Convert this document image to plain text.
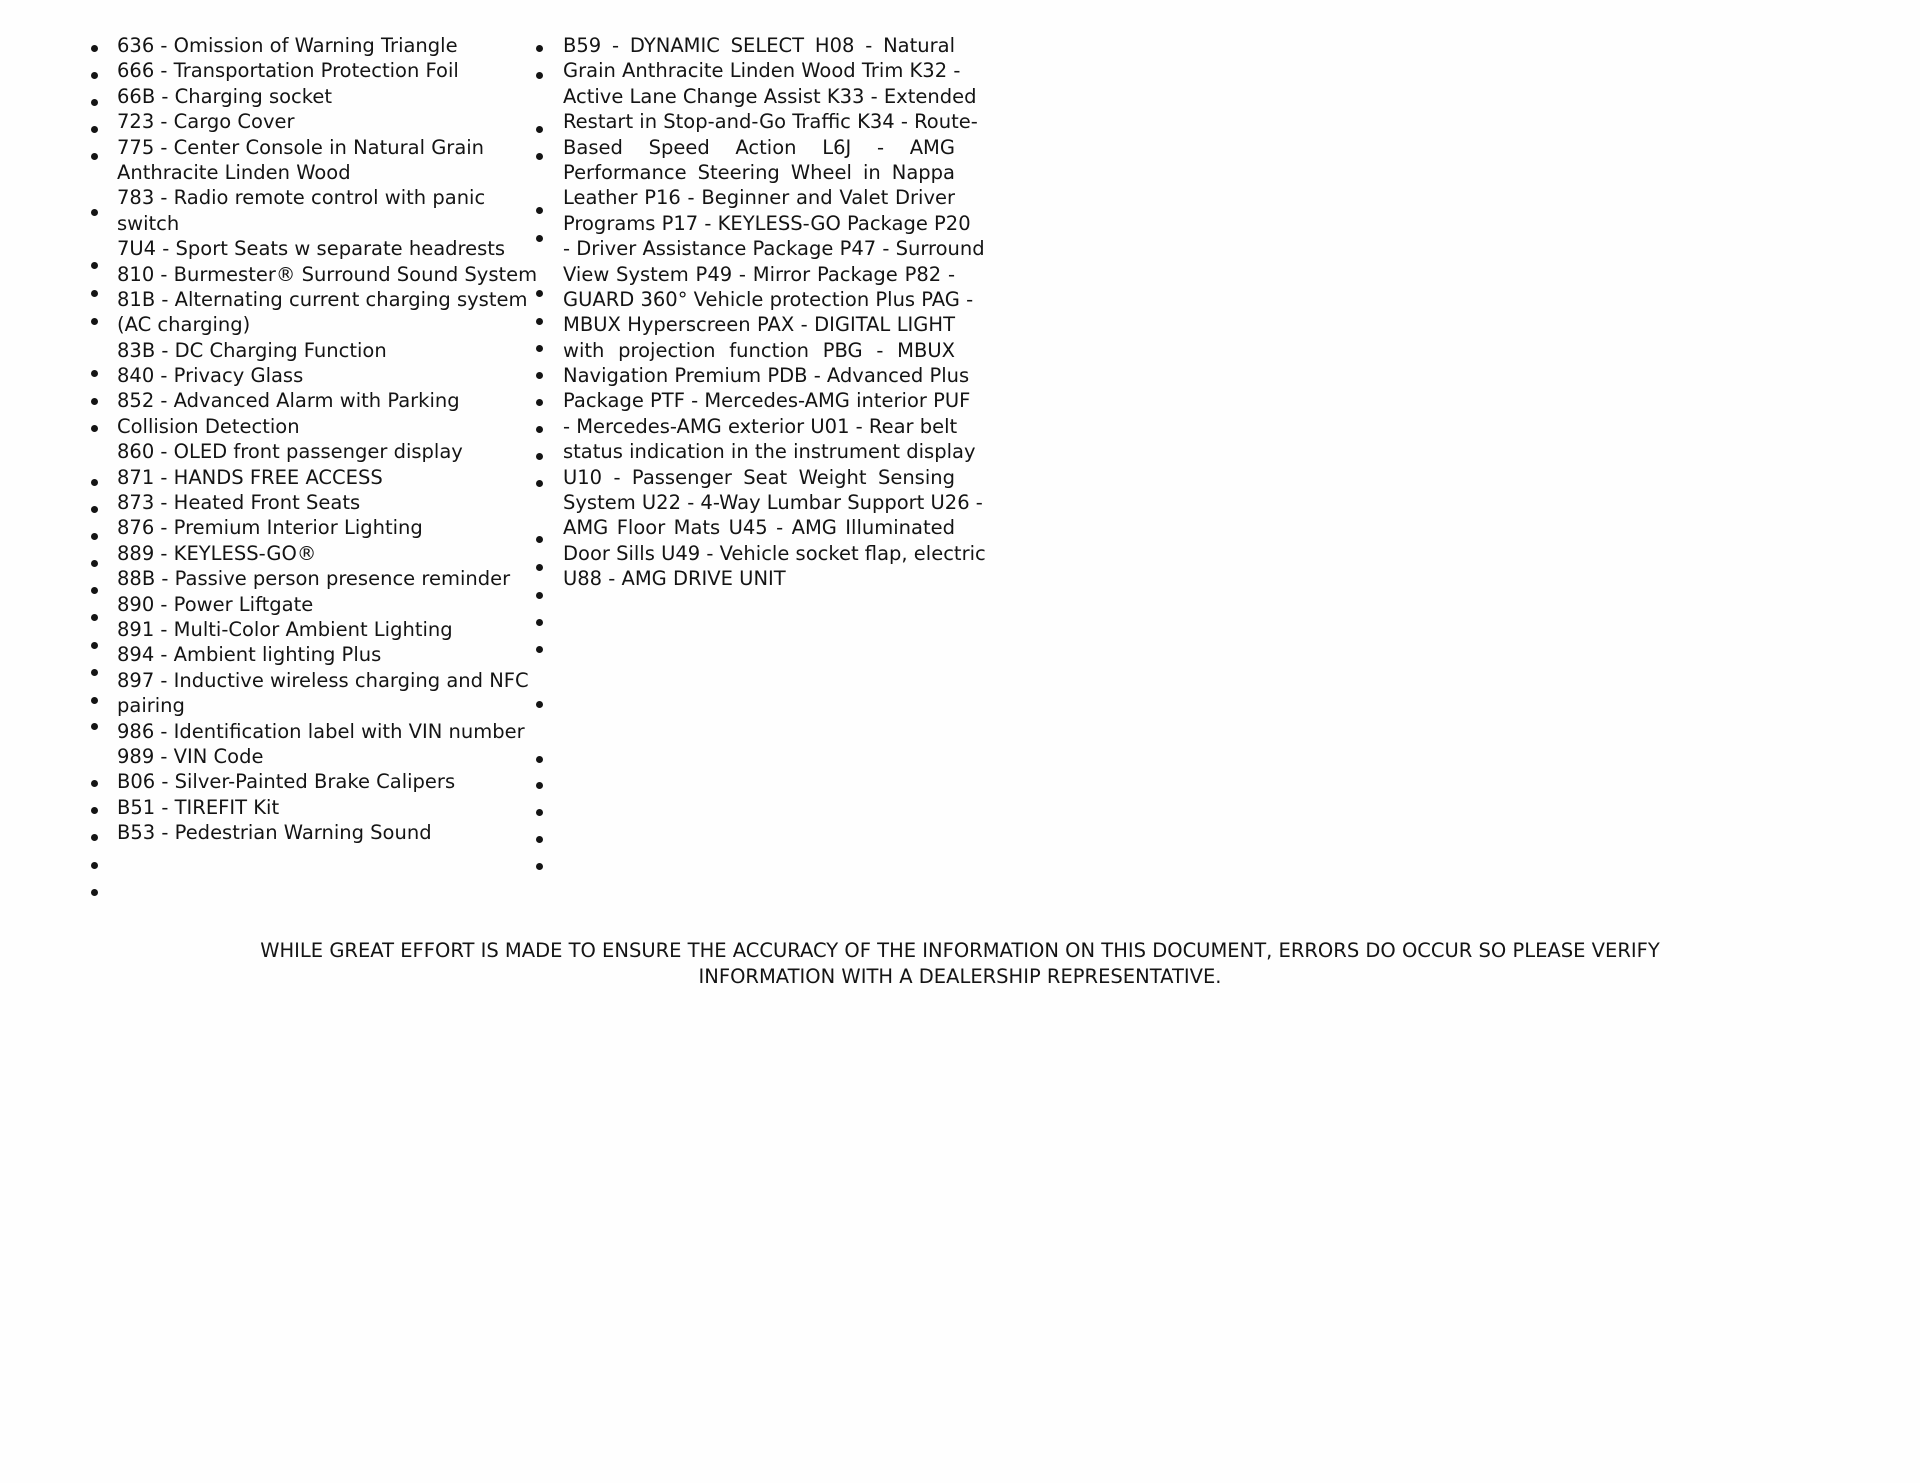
636 - Omission of Warning Triangle
666 - Transportation Protection Foil
66B - Charging socket
723 - Cargo Cover
775 - Center Console in Natural Grain
Anthracite Linden Wood
783 - Radio remote control with panic
switch
7U4 - Sport Seats w separate headrests
810 - Burmester® Surround Sound System
81B - Alternating current charging system
(AC charging)
83B - DC Charging Function
840 - Privacy Glass
852 - Advanced Alarm with Parking
Collision Detection
860 - OLED front passenger display
871 - HANDS FREE ACCESS
873 - Heated Front Seats
876 - Premium Interior Lighting
889 - KEYLESS-GO®
88B - Passive person presence reminder
890 - Power Liftgate
891 - Multi-Color Ambient Lighting
894 - Ambient lighting Plus
897 - Inductive wireless charging and NFC
pairing
986 - Identification label with VIN number
989 - VIN Code
B06 - Silver-Painted Brake Calipers
B51 - TIREFIT Kit
B53 - Pedestrian Warning Sound
B59 - DYNAMIC SELECT H08 - Natural
Grain Anthracite Linden Wood Trim K32 -
Active Lane Change Assist K33 - Extended
Restart in Stop-and-Go Traffic K34 - Route-
Based Speed Action L6J - AMG
Performance Steering Wheel in Nappa
Leather P16 - Beginner and Valet Driver
Programs P17 - KEYLESS-GO Package P20
- Driver Assistance Package P47 - Surround
View System P49 - Mirror Package P82 -
GUARD 360° Vehicle protection Plus PAG -
MBUX Hyperscreen PAX - DIGITAL LIGHT
with projection function PBG - MBUX
Navigation Premium PDB - Advanced Plus
Package PTF - Mercedes-AMG interior PUF
- Mercedes-AMG exterior U01 - Rear belt
status indication in the instrument display
U10 - Passenger Seat Weight Sensing
System U22 - 4-Way Lumbar Support U26 -
AMG Floor Mats U45 - AMG Illuminated
Door Sills U49 - Vehicle socket flap, electric
U88 - AMG DRIVE UNIT
WHILE GREAT EFFORT IS MADE TO ENSURE THE ACCURACY OF THE INFORMATION ON THIS DOCUMENT, ERRORS DO OCCUR SO PLEASE VERIFY
INFORMATION WITH A DEALERSHIP REPRESENTATIVE.
